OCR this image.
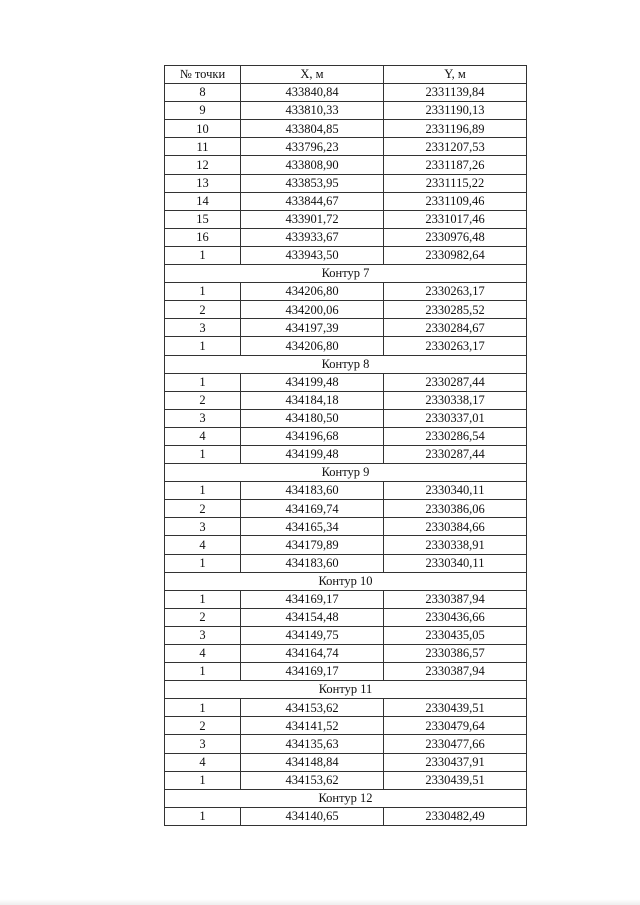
№ точки	X, м	Y, м
8	433840,84	2331139,84
9	433810,33	2331190,13
10	433804,85	2331196,89
11	433796,23	2331207,53
12	433808,90	2331187,26
13	433853,95	2331115,22
14	433844,67	2331109,46
15	433901,72	2331017,46
16	433933,67	2330976,48
1	433943,50	2330982,64
Контур 7		
1	434206,80	2330263,17
2	434200,06	2330285,52
3	434197,39	2330284,67
1	434206,80	2330263,17
Контур 8		
1	434199,48	2330287,44
2	434184,18	2330338,17
3	434180,50	2330337,01
4	434196,68	2330286,54
1	434199,48	2330287,44
Контур 9		
1	434183,60	2330340,11
2	434169,74	2330386,06
3	434165,34	2330384,66
4	434179,89	2330338,91
1	434183,60	2330340,11
Контур 10		
1	434169,17	2330387,94
2	434154,48	2330436,66
3	434149,75	2330435,05
4	434164,74	2330386,57
1	434169,17	2330387,94
Контур 11		
1	434153,62	2330439,51
2	434141,52	2330479,64
3	434135,63	2330477,66
4	434148,84	2330437,91
1	434153,62	2330439,51
Контур 12		
1	434140,65	2330482,49
